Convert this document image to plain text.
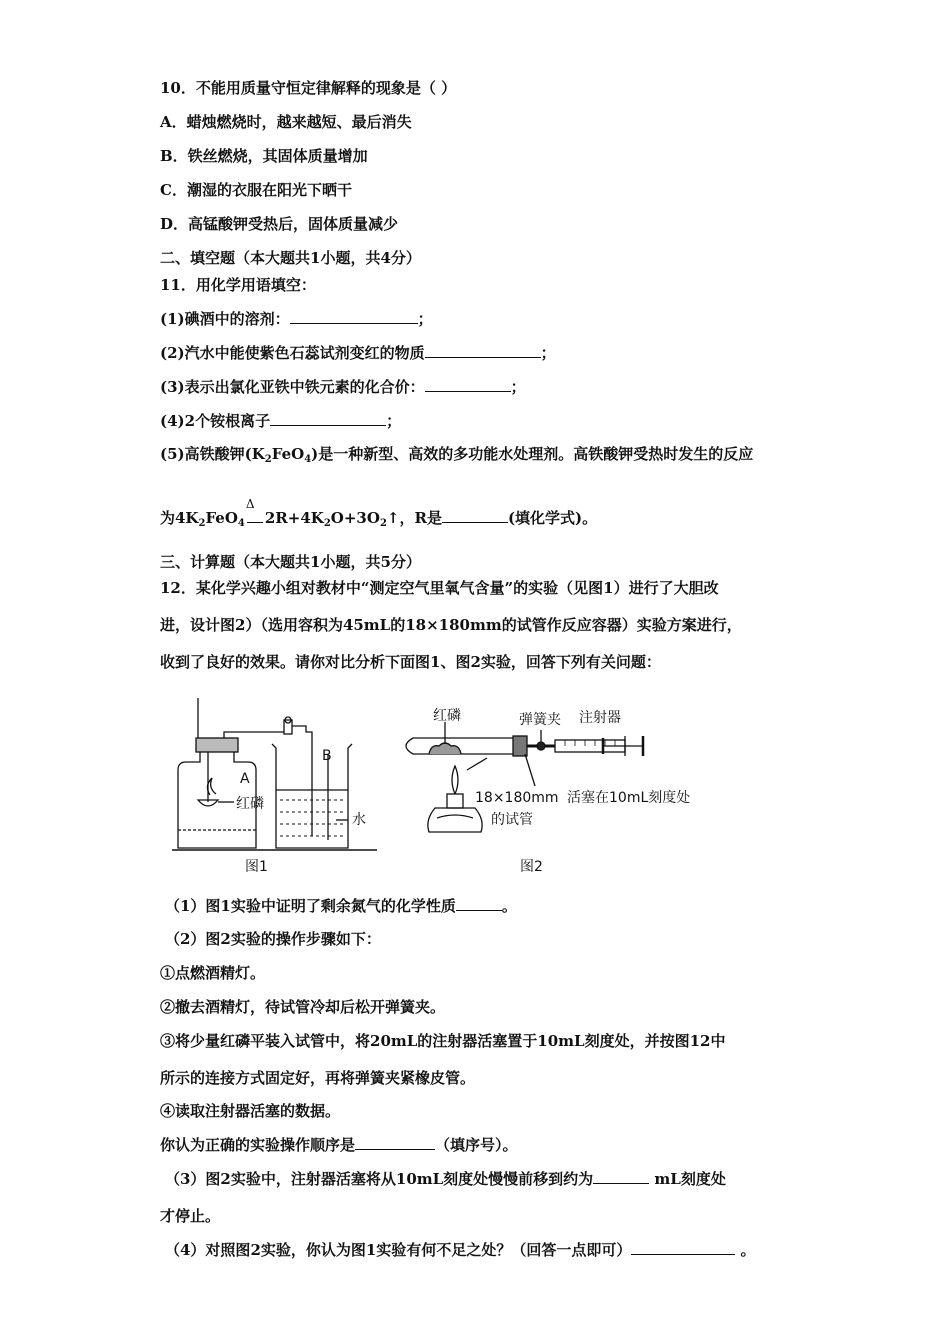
10．不能用质量守恒定律解释的现象是（ ）
A．蜡烛燃烧时，越来越短、最后消失
B．铁丝燃烧，其固体质量增加
C．潮湿的衣服在阳光下晒干
D．高锰酸钾受热后，固体质量减少
二、填空题（本大题共1小题，共4分）
11．用化学用语填空：
(1)碘酒中的溶剂：	；
(2)汽水中能使紫色石蕊试剂变红的物质	；
(3)表示出氯化亚铁中铁元素的化合价：	；
(4)2个铵根离子	；
(5)高铁酸钾$(K_2FeO_4)$是一种新型、高效的多功能水处理剂。高铁酸钾受热时发生的反应
为$4K_2FeO_4$
Δ
$2R+4K_2O+3O_2↑$，R是	(填化学式)。
三、计算题（本大题共1小题，共5分）
12．某化学兴趣小组对教材中“测定空气里氧气含量”的实验（见图1）进行了大胆改
进，设计图2）（选用容积为45mL的18×180mm的试管作反应容器）实验方案进行，
收到了良好的效果。请你对比分析下面图1、图2实验，回答下列有关问题：
A
B
红磷
水
图1
红磷	弹簧夹 注射器
18×180mm
的试管
活塞在10mL刻度处
图2
（1）图1实验中证明了剩余氮气的化学性质	。
（2）图2实验的操作步骤如下：
①点燃酒精灯。
②撤去酒精灯，待试管冷却后松开弹簧夹。
③将少量红磷平装入试管中，将20mL的注射器活塞置于10mL刻度处，并按图12中
所示的连接方式固定好，再将弹簧夹紧橡皮管。
④读取注射器活塞的数据。
你认为正确的实验操作顺序是	（填序号）。
（3）图2实验中，注射器活塞将从10mL刻度处慢慢前移到约为	mL刻度处
才停止。
（4）对照图2实验，你认为图1实验有何不足之处？（回答一点即可）	。
